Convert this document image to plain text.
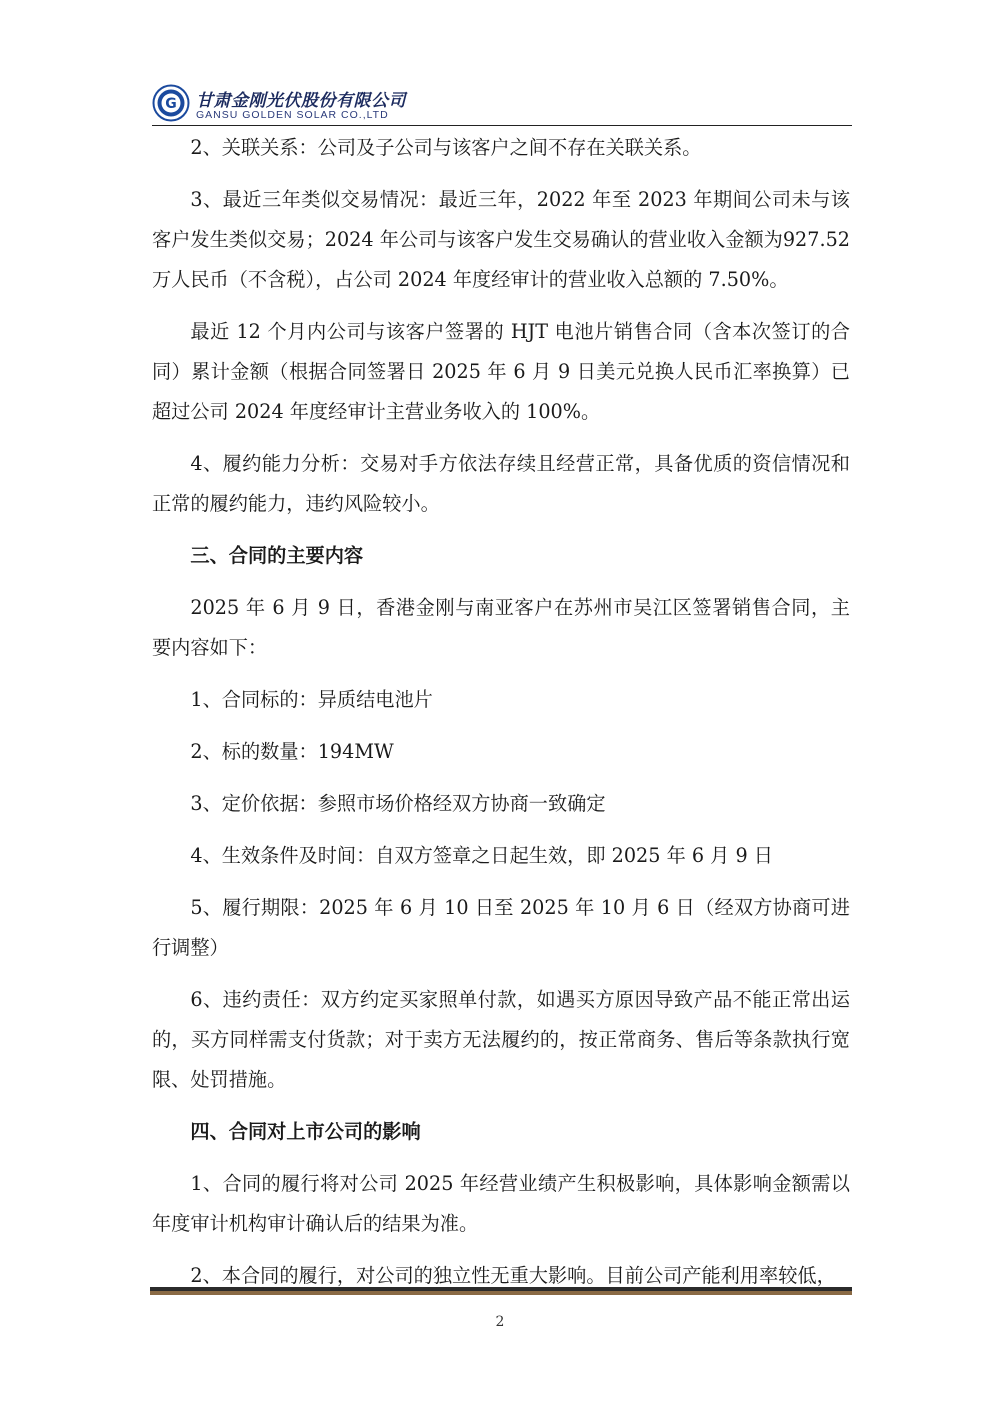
G 甘肃金刚光伏股份有限公司
GANSU GOLDEN SOLAR CO.,LTD

2、关联关系：公司及子公司与该客户之间不存在关联关系。

3、最近三年类似交易情况：最近三年，2022 年至 2023 年期间公司未与该客户发生类似交易；2024 年公司与该客户发生交易确认的营业收入金额为927.52 万人民币（不含税），占公司 2024 年度经审计的营业收入总额的 7.50%。

最近 12 个月内公司与该客户签署的 HJT 电池片销售合同（含本次签订的合同）累计金额（根据合同签署日 2025 年 6 月 9 日美元兑换人民币汇率换算）已超过公司 2024 年度经审计主营业务收入的 100%。

4、履约能力分析：交易对手方依法存续且经营正常，具备优质的资信情况和正常的履约能力，违约风险较小。

三、合同的主要内容

2025 年 6 月 9 日，香港金刚与南亚客户在苏州市吴江区签署销售合同，主要内容如下：

1、合同标的：异质结电池片

2、标的数量：194MW

3、定价依据：参照市场价格经双方协商一致确定

4、生效条件及时间：自双方签章之日起生效，即 2025 年 6 月 9 日

5、履行期限：2025 年 6 月 10 日至 2025 年 10 月 6 日（经双方协商可进行调整）

6、违约责任：双方约定买家照单付款，如遇买方原因导致产品不能正常出运的，买方同样需支付货款；对于卖方无法履约的，按正常商务、售后等条款执行宽限、处罚措施。

四、合同对上市公司的影响

1、合同的履行将对公司 2025 年经营业绩产生积极影响，具体影响金额需以年度审计机构审计确认后的结果为准。

2、本合同的履行，对公司的独立性无重大影响。目前公司产能利用率较低，

2
